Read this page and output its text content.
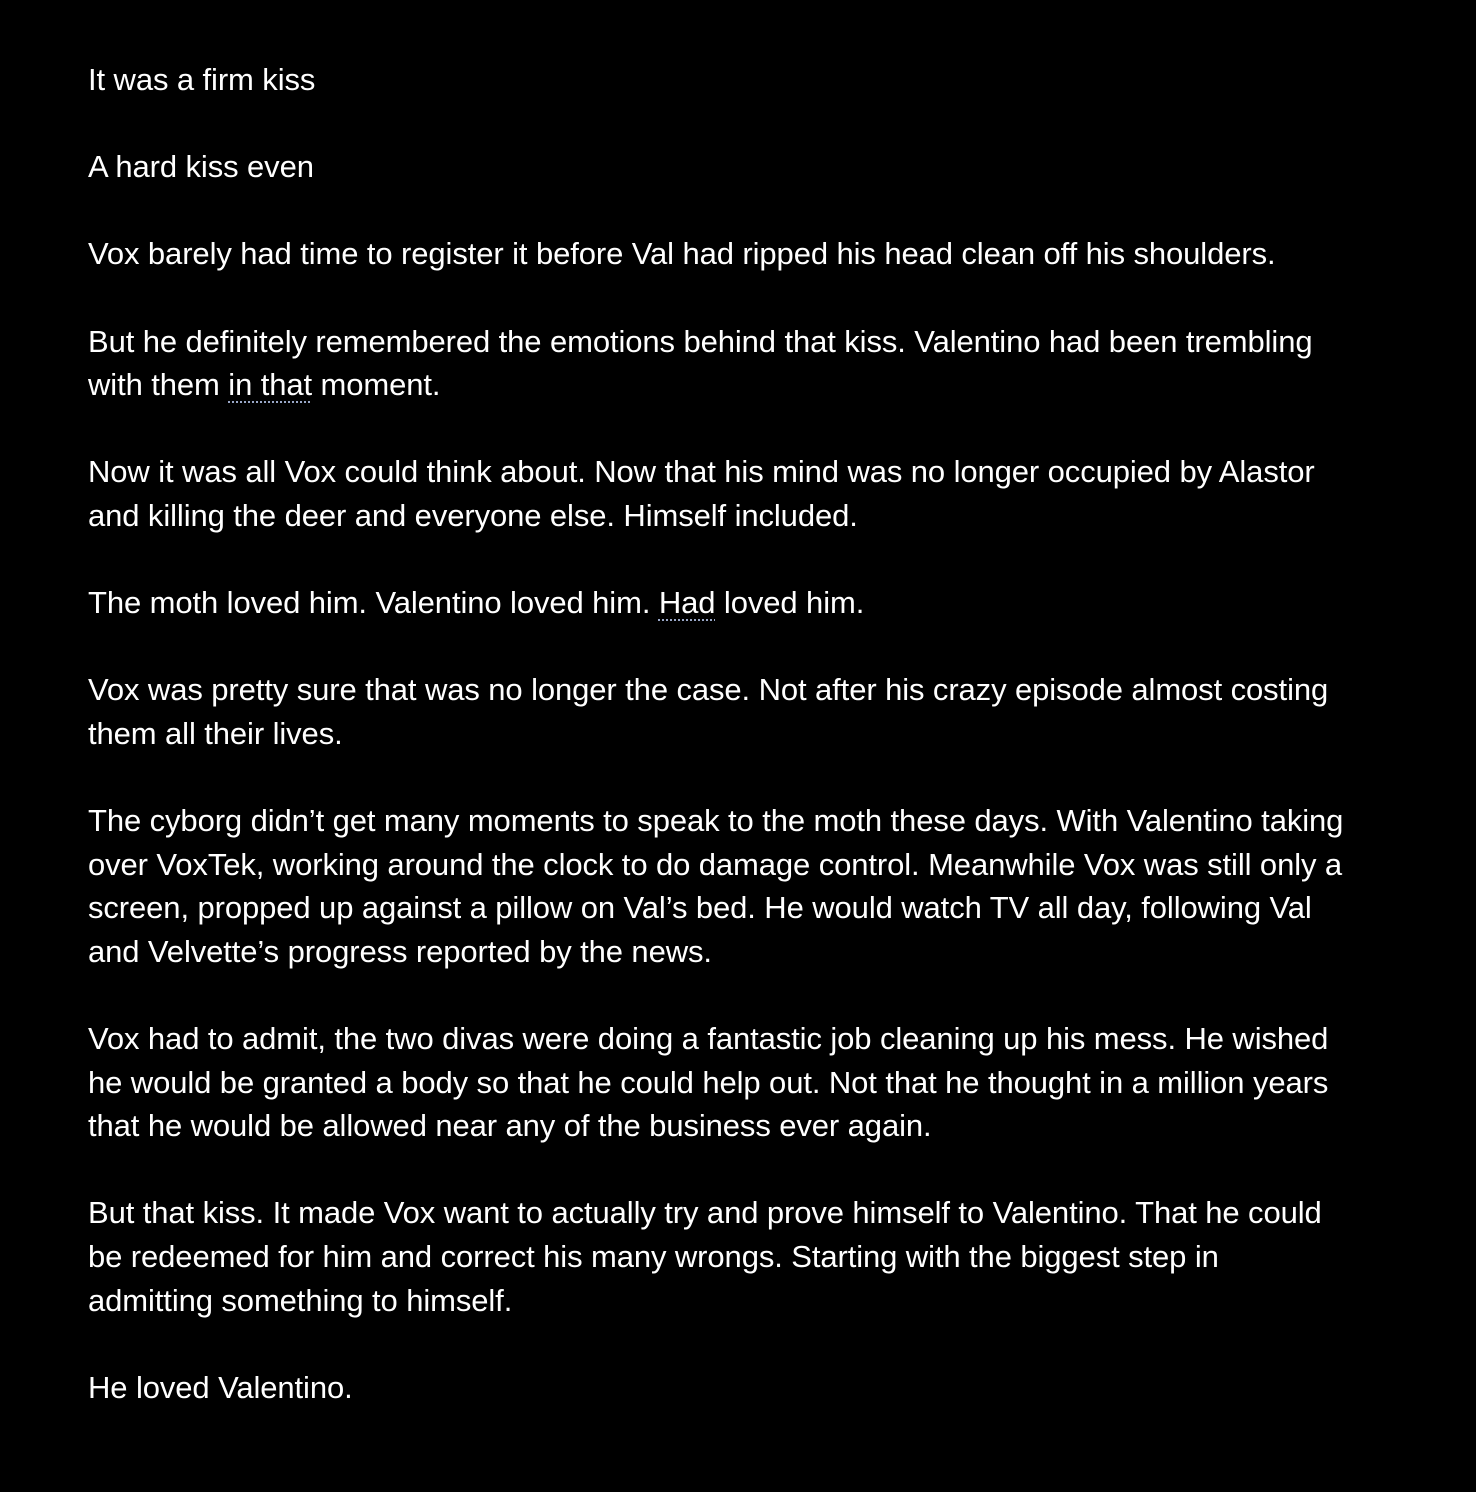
It was a firm kiss

A hard kiss even

Vox barely had time to register it before Val had ripped his head clean off his shoulders.

But he definitely remembered the emotions behind that kiss. Valentino had been trembling with them in that moment.

Now it was all Vox could think about. Now that his mind was no longer occupied by Alastor and killing the deer and everyone else. Himself included.

The moth loved him. Valentino loved him. Had loved him.

Vox was pretty sure that was no longer the case. Not after his crazy episode almost costing them all their lives.

The cyborg didn’t get many moments to speak to the moth these days. With Valentino taking over VoxTek, working around the clock to do damage control. Meanwhile Vox was still only a screen, propped up against a pillow on Val’s bed. He would watch TV all day, following Val and Velvette’s progress reported by the news.

Vox had to admit, the two divas were doing a fantastic job cleaning up his mess. He wished he would be granted a body so that he could help out. Not that he thought in a million years that he would be allowed near any of the business ever again.

But that kiss. It made Vox want to actually try and prove himself to Valentino. That he could be redeemed for him and correct his many wrongs. Starting with the biggest step in admitting something to himself.

He loved Valentino.
